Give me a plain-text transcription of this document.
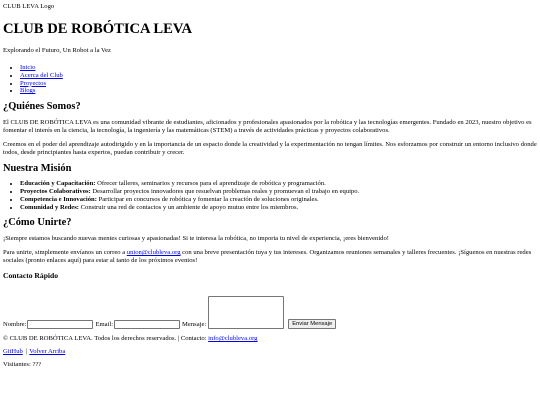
CLUB LEVA Logo
CLUB DE ROBÓTICA LEVA

Explorando el Futuro, Un Robot a la Vez

• Inicio
• Acerca del Club
• Proyectos
• Blogs
¿Quiénes Somos?

El CLUB DE ROBÓTICA LEVA es una comunidad vibrante de estudiantes, aficionados y profesionales apasionados por la robótica y las tecnologías emergentes. Fundado en 2023, nuestro objetivo es fomentar el interés en la ciencia, la tecnología, la ingeniería y las matemáticas (STEM) a través de actividades prácticas y proyectos colaborativos.

Creemos en el poder del aprendizaje autodirigido y en la importancia de un espacio donde la creatividad y la experimentación no tengan límites. Nos esforzamos por construir un entorno inclusivo donde todos, desde principiantes hasta expertos, puedan contribuir y crecer.

Nuestra Misión
• Educación y Capacitación: Ofrecer talleres, seminarios y recursos para el aprendizaje de robótica y programación.
• Proyectos Colaborativos: Desarrollar proyectos innovadores que resuelvan problemas reales y promuevan el trabajo en equipo.
• Competencia e Innovación: Participar en concursos de robótica y fomentar la creación de soluciones originales.
• Comunidad y Redes: Construir una red de contactos y un ambiente de apoyo mutuo entre los miembros.
¿Cómo Unirte?

¡Siempre estamos buscando nuevas mentes curiosas y apasionadas! Si te interesa la robótica, no importa tu nivel de experiencia, ¡eres bienvenido!

Para unirte, simplemente envíanos un correo a union@clubleva.org con una breve presentación tuya y tus intereses. Organizamos reuniones semanales y talleres frecuentes. ¡Síguenos en nuestras redes sociales (pronto enlaces aquí) para estar al tanto de los próximos eventos!

Contacto Rápido
Nombre:	Email:	Mensaje:	Enviar Mensaje

© CLUB DE ROBÓTICA LEVA. Todos los derechos reservados. | Contacto: info@clubleva.org

GitHub | Volver Arriba

Visitantes: ???
